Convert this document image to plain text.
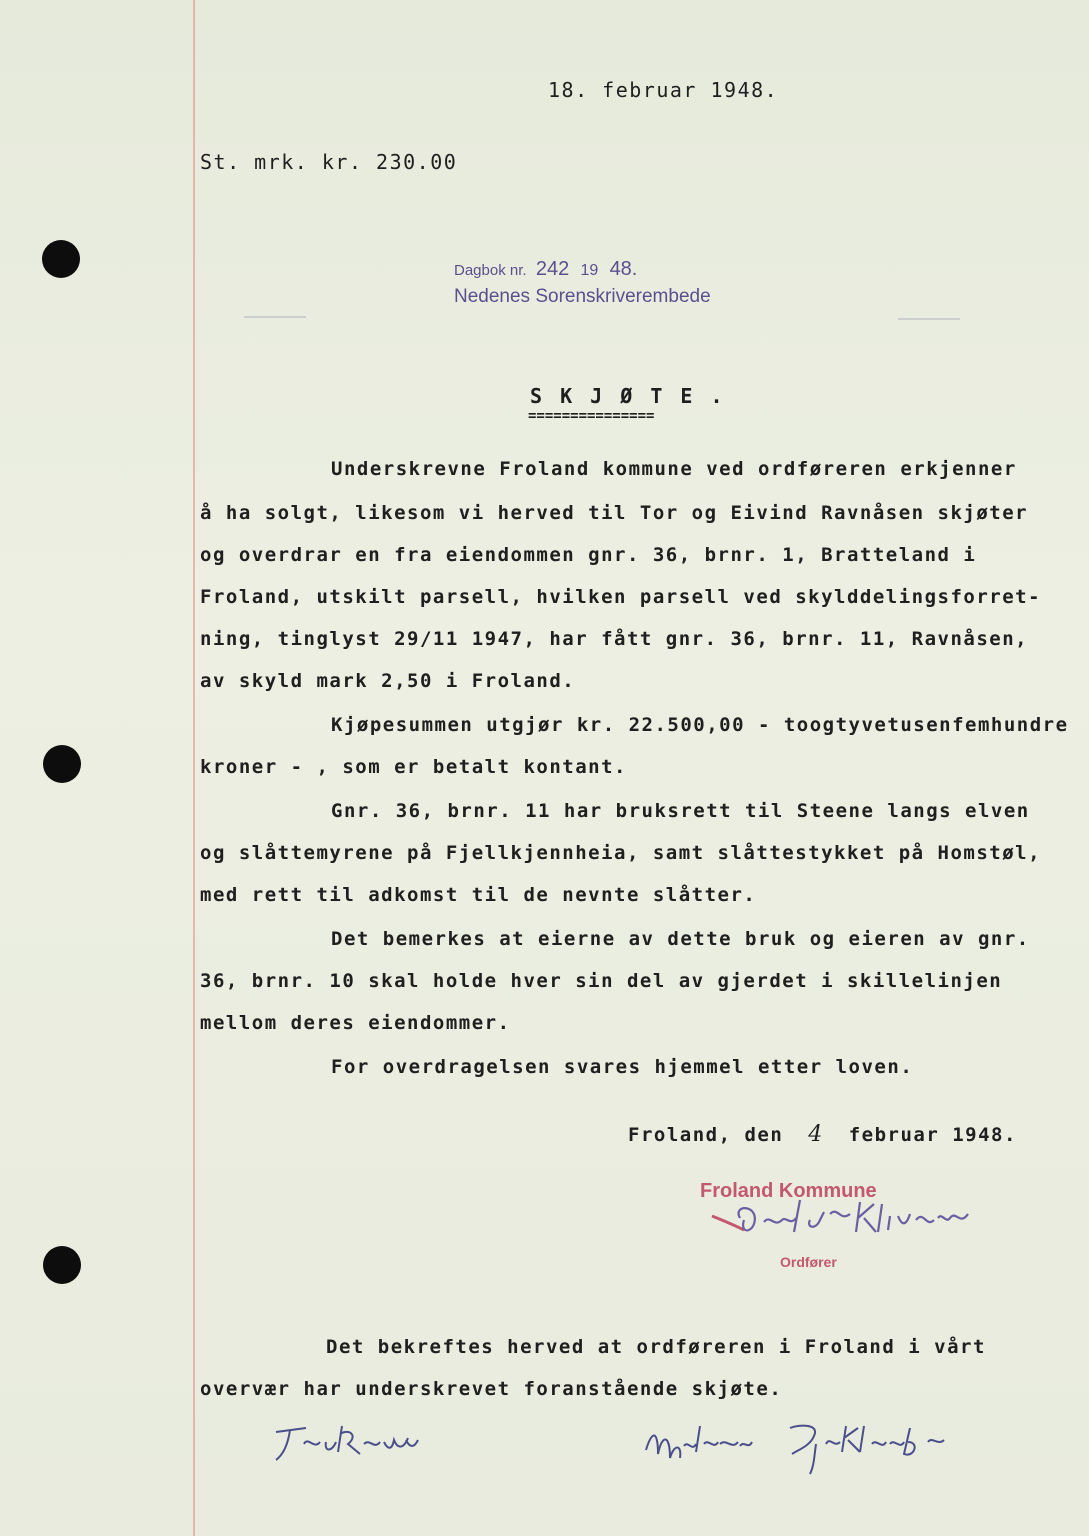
18. februar 1948.
St. mrk. kr. 230.00
Dagbok nr. 242 19 48.
Nedenes Sorenskriverembede
S K J Ø T E .
===============
Underskrevne Froland kommune ved ordføreren erkjenner
å ha solgt, likesom vi herved til Tor og Eivind Ravnåsen skjøter
og overdrar en fra eiendommen gnr. 36, brnr. 1, Bratteland i
Froland, utskilt parsell, hvilken parsell ved skylddelingsforret-
ning, tinglyst 29/11 1947, har fått gnr. 36, brnr. 11, Ravnåsen,
av skyld mark 2,50 i Froland.
Kjøpesummen utgjør kr. 22.500,00 - toogtyvetusenfemhundre
kroner - , som er betalt kontant.
Gnr. 36, brnr. 11 har bruksrett til Steene langs elven
og slåttemyrene på Fjellkjennheia, samt slåttestykket på Homstøl,
med rett til adkomst til de nevnte slåtter.
Det bemerkes at eierne av dette bruk og eieren av gnr.
36, brnr. 10 skal holde hver sin del av gjerdet i skillelinjen
mellom deres eiendommer.
For overdragelsen svares hjemmel etter loven.
Froland, den 4 februar 1948.
Froland Kommune
Ordfører
Det bekreftes herved at ordføreren i Froland i vårt
overvær har underskrevet foranstående skjøte.
